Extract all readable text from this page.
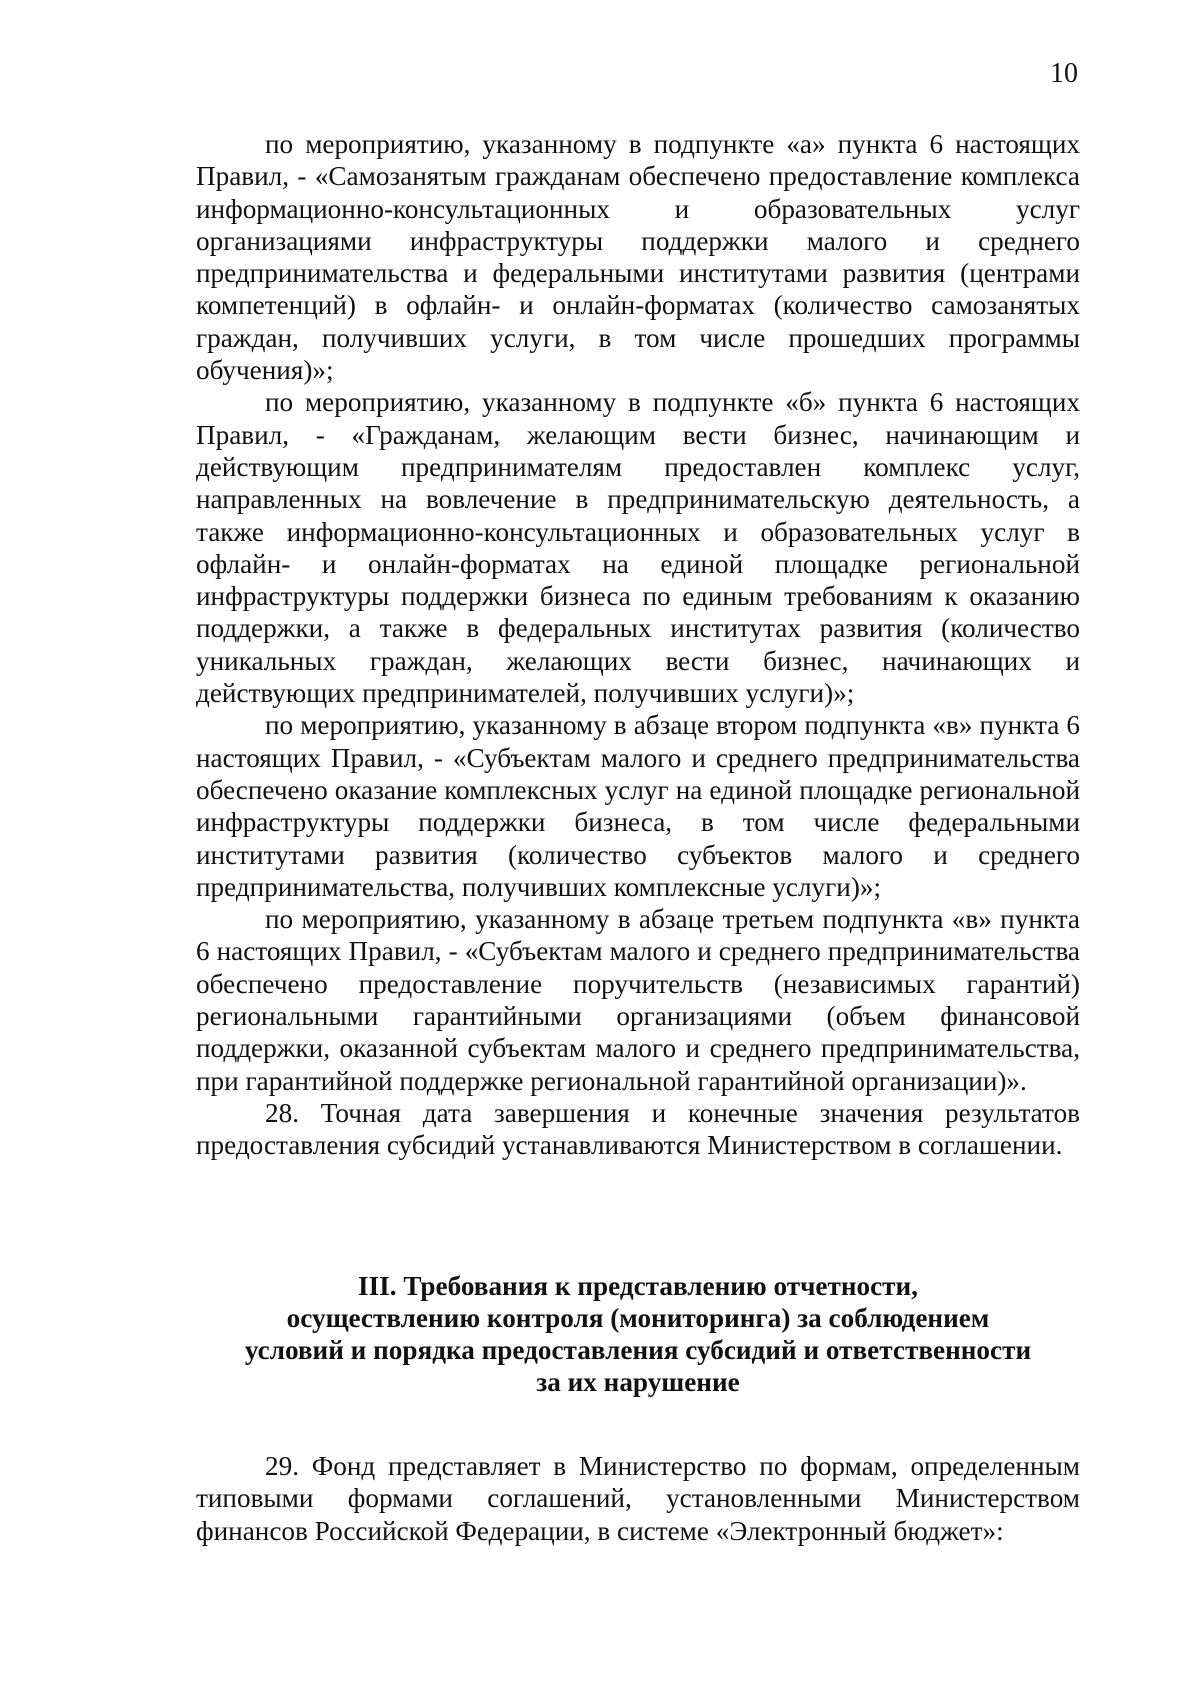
10

по мероприятию, указанному в подпункте «а» пункта 6 настоящих Правил, - «Самозанятым гражданам обеспечено предоставление комплекса информационно-консультационных и образовательных услуг организациями инфраструктуры поддержки малого и среднего предпринимательства и федеральными институтами развития (центрами компетенций) в офлайн- и онлайн-форматах (количество самозанятых граждан, получивших услуги, в том числе прошедших программы обучения)»;

по мероприятию, указанному в подпункте «б» пункта 6 настоящих Правил, - «Гражданам, желающим вести бизнес, начинающим и действующим предпринимателям предоставлен комплекс услуг, направленных на вовлечение в предпринимательскую деятельность, а также информационно-консультационных и образовательных услуг в офлайн- и онлайн-форматах на единой площадке региональной инфраструктуры поддержки бизнеса по единым требованиям к оказанию поддержки, а также в федеральных институтах развития (количество уникальных граждан, желающих вести бизнес, начинающих и действующих предпринимателей, получивших услуги)»;

по мероприятию, указанному в абзаце втором подпункта «в» пункта 6 настоящих Правил, - «Субъектам малого и среднего предпринимательства обеспечено оказание комплексных услуг на единой площадке региональной инфраструктуры поддержки бизнеса, в том числе федеральными институтами развития (количество субъектов малого и среднего предпринимательства, получивших комплексные услуги)»;

по мероприятию, указанному в абзаце третьем подпункта «в» пункта 6 настоящих Правил, - «Субъектам малого и среднего предпринимательства обеспечено предоставление поручительств (независимых гарантий) региональными гарантийными организациями (объем финансовой поддержки, оказанной субъектам малого и среднего предпринимательства, при гарантийной поддержке региональной гарантийной организации)».

28. Точная дата завершения и конечные значения результатов предоставления субсидий устанавливаются Министерством в соглашении.

III. Требования к представлению отчетности,
осуществлению контроля (мониторинга) за соблюдением
условий и порядка предоставления субсидий и ответственности
за их нарушение

29. Фонд представляет в Министерство по формам, определенным типовыми формами соглашений, установленными Министерством финансов Российской Федерации, в системе «Электронный бюджет»:
